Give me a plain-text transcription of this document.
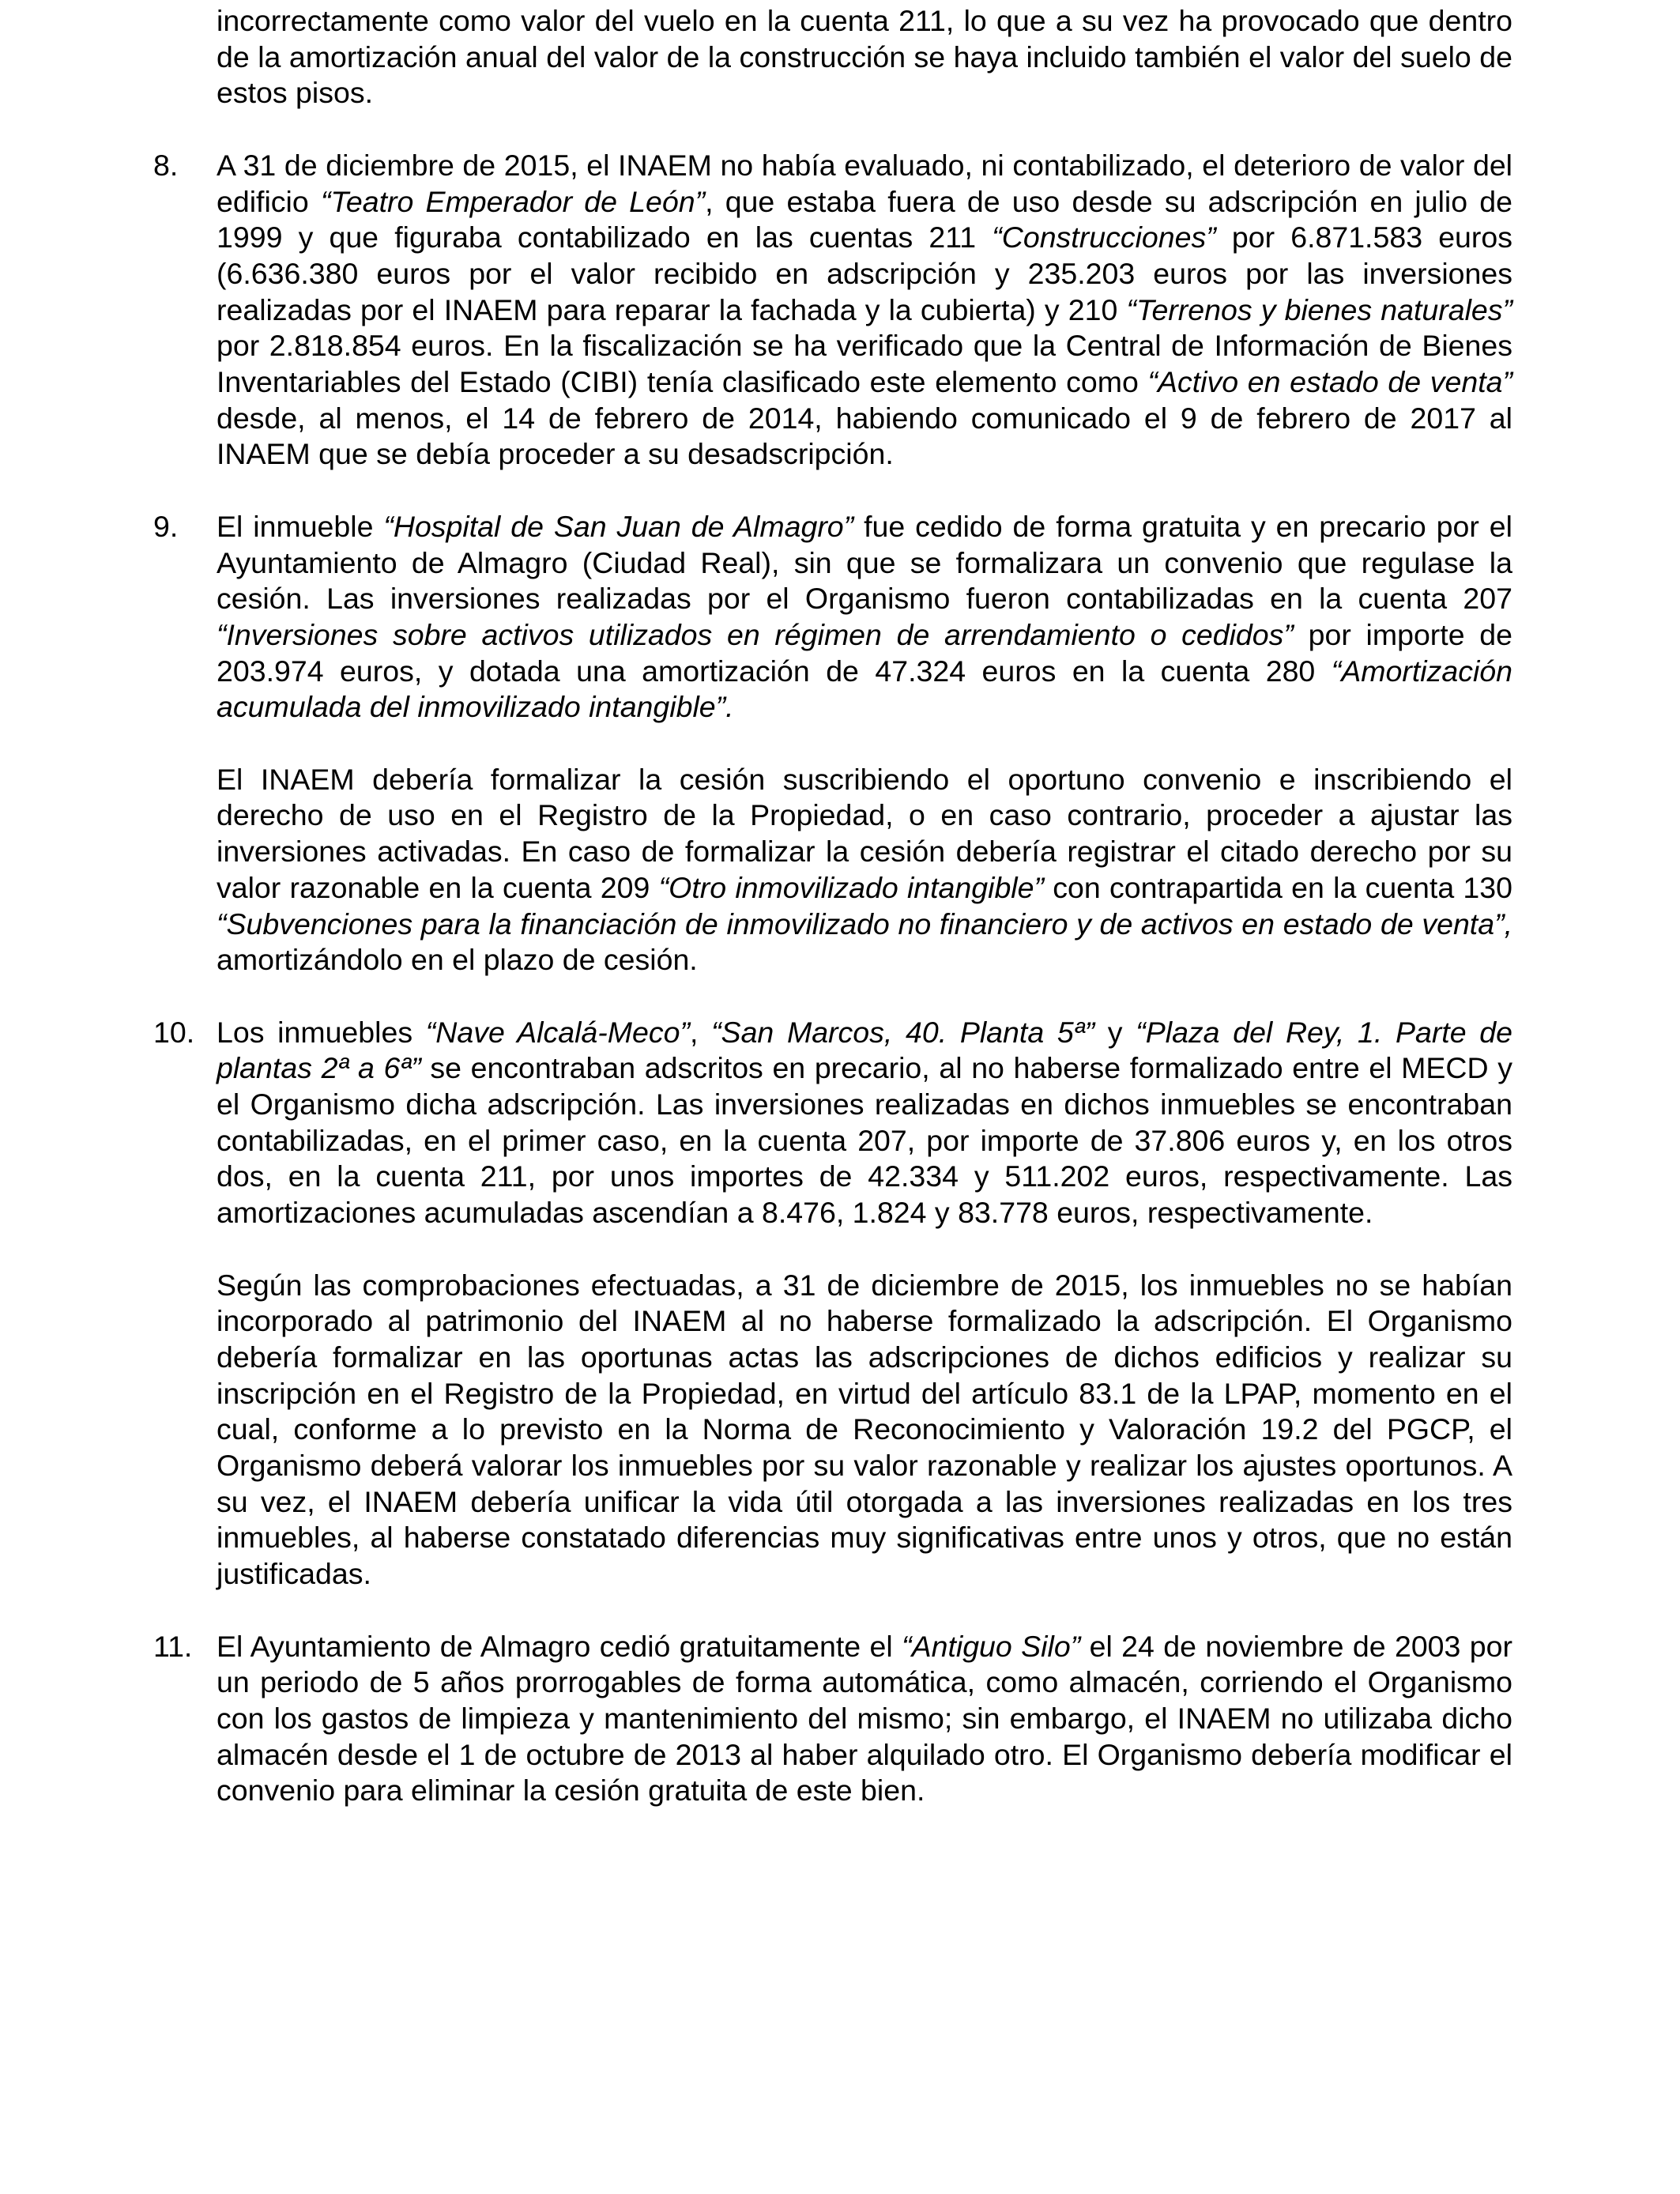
incorrectamente como valor del vuelo en la cuenta 211, lo que a su vez ha provocado que dentro de la amortización anual del valor de la construcción se haya incluido también el valor del suelo de estos pisos.

8. A 31 de diciembre de 2015, el INAEM no había evaluado, ni contabilizado, el deterioro de valor del edificio “Teatro Emperador de León”, que estaba fuera de uso desde su adscripción en julio de 1999 y que figuraba contabilizado en las cuentas 211 “Construcciones” por 6.871.583 euros (6.636.380 euros por el valor recibido en adscripción y 235.203 euros por las inversiones realizadas por el INAEM para reparar la fachada y la cubierta) y 210 “Terrenos y bienes naturales” por 2.818.854 euros. En la fiscalización se ha verificado que la Central de Información de Bienes Inventariables del Estado (CIBI) tenía clasificado este elemento como “Activo en estado de venta” desde, al menos, el 14 de febrero de 2014, habiendo comunicado el 9 de febrero de 2017 al INAEM que se debía proceder a su desadscripción.

9. El inmueble “Hospital de San Juan de Almagro” fue cedido de forma gratuita y en precario por el Ayuntamiento de Almagro (Ciudad Real), sin que se formalizara un convenio que regulase la cesión. Las inversiones realizadas por el Organismo fueron contabilizadas en la cuenta 207 “Inversiones sobre activos utilizados en régimen de arrendamiento o cedidos” por importe de 203.974 euros, y dotada una amortización de 47.324 euros en la cuenta 280 “Amortización acumulada del inmovilizado intangible”.

El INAEM debería formalizar la cesión suscribiendo el oportuno convenio e inscribiendo el derecho de uso en el Registro de la Propiedad, o en caso contrario, proceder a ajustar las inversiones activadas. En caso de formalizar la cesión debería registrar el citado derecho por su valor razonable en la cuenta 209 “Otro inmovilizado intangible” con contrapartida en la cuenta 130 “Subvenciones para la financiación de inmovilizado no financiero y de activos en estado de venta”, amortizándolo en el plazo de cesión.

10. Los inmuebles “Nave Alcalá-Meco”, “San Marcos, 40. Planta 5ª” y “Plaza del Rey, 1. Parte de plantas 2ª a 6ª” se encontraban adscritos en precario, al no haberse formalizado entre el MECD y el Organismo dicha adscripción. Las inversiones realizadas en dichos inmuebles se encontraban contabilizadas, en el primer caso, en la cuenta 207, por importe de 37.806 euros y, en los otros dos, en la cuenta 211, por unos importes de 42.334 y 511.202 euros, respectivamente. Las amortizaciones acumuladas ascendían a 8.476, 1.824 y 83.778 euros, respectivamente.

Según las comprobaciones efectuadas, a 31 de diciembre de 2015, los inmuebles no se habían incorporado al patrimonio del INAEM al no haberse formalizado la adscripción. El Organismo debería formalizar en las oportunas actas las adscripciones de dichos edificios y realizar su inscripción en el Registro de la Propiedad, en virtud del artículo 83.1 de la LPAP, momento en el cual, conforme a lo previsto en la Norma de Reconocimiento y Valoración 19.2 del PGCP, el Organismo deberá valorar los inmuebles por su valor razonable y realizar los ajustes oportunos. A su vez, el INAEM debería unificar la vida útil otorgada a las inversiones realizadas en los tres inmuebles, al haberse constatado diferencias muy significativas entre unos y otros, que no están justificadas.

11. El Ayuntamiento de Almagro cedió gratuitamente el “Antiguo Silo” el 24 de noviembre de 2003 por un periodo de 5 años prorrogables de forma automática, como almacén, corriendo el Organismo con los gastos de limpieza y mantenimiento del mismo; sin embargo, el INAEM no utilizaba dicho almacén desde el 1 de octubre de 2013 al haber alquilado otro. El Organismo debería modificar el convenio para eliminar la cesión gratuita de este bien.
